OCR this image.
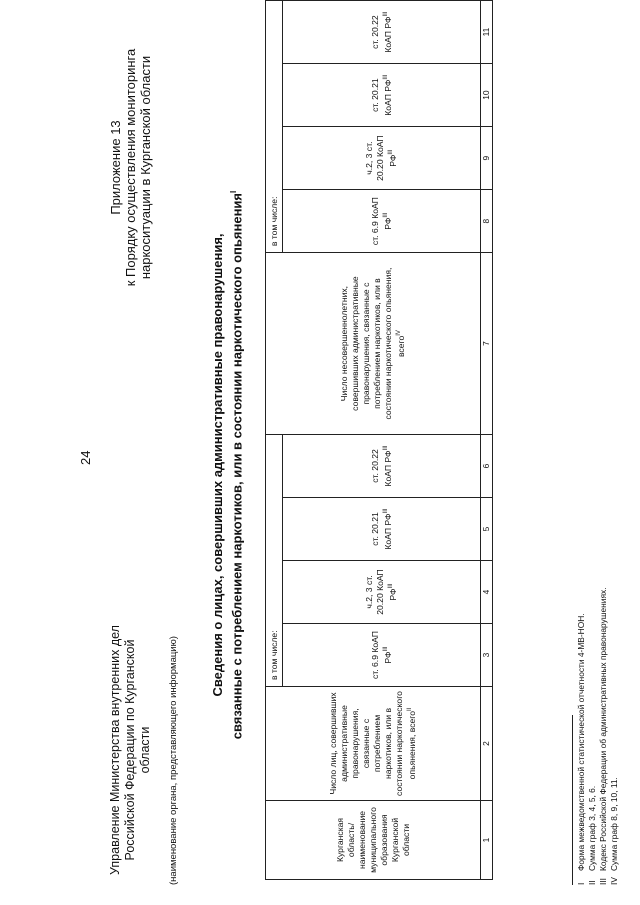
24
Приложение 13 к Порядку осуществления мониторинга наркоситуации в Курганской области
Управление Министерства внутренних дел Российской Федерации по Курганской области (наименование органа, представляющего информацию)
Сведения о лицах, совершивших административные правонарушения, связанные с потреблением наркотиков, или в состоянии наркотического опьянения$^I$
Курганская область/ наименование муниципального образования Курганской области	Число лиц, совершивших административные правонарушения, связанные с потреблением наркотиков, или в состоянии наркотического опьянения, всего$^{II}$	в том числе:				Число несовершеннолетних, совершивших административные правонарушения, связанные с потреблением наркотиков, или в состоянии наркотического опьянения, всего$^{IV}$	в том числе:			
		ст. 6.9 КоАП $РФ^{III}$	ч.2, 3 ст. 20.20 КоАП $РФ^{III}$	ст. 20.21 КоАП $РФ^{III}$	ст. 20.22 КоАП $РФ^{III}$		ст. 6.9 КоАП $РФ^{III}$	ч.2, 3 ст. 20.20 КоАП $РФ^{III}$	ст. 20.21 КоАП $РФ^{III}$	ст. 20.22 КоАП $РФ^{III}$
1	2	3	4	5	6	7	8	9	10	11
IФорма межведомственной статистической отчетности 4-МВ-НОН.
IIСумма граф 3, 4, 5, 6.
IIIКодекс Российской Федерации об административных правонарушениях.
IVСумма граф 8, 9, 10, 11.
